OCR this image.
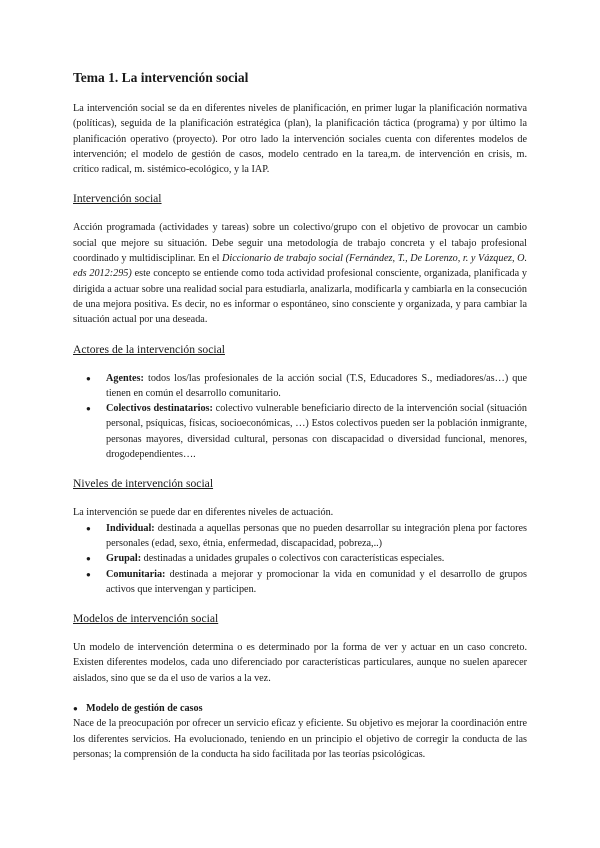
Tema 1. La intervención social

La intervención social se da en diferentes niveles de planificación, en primer lugar la planificación normativa (políticas), seguida de la planificación estratégica (plan), la planificación táctica (programa) y por último la planificación operativo (proyecto). Por otro lado la intervención sociales cuenta con diferentes modelos de intervención; el modelo de gestión de casos, modelo centrado en la tarea,m. de intervención en crisis, m. crítico radical, m. sistémico-ecológico, y la IAP.

Intervención social

Acción programada (actividades y tareas) sobre un colectivo/grupo con el objetivo de provocar un cambio social que mejore su situación. Debe seguir una metodología de trabajo concreta y el tabajo profesional coordinado y multidisciplinar. En el Diccionario de trabajo social (Fernández, T., De Lorenzo, r. y Vázquez, O. eds 2012:295) este concepto se entiende como toda actividad profesional consciente, organizada, planificada y dirigida a actuar sobre una realidad social para estudiarla, analizarla, modificarla y cambiarla en la consecución de una mejora positiva. Es decir, no es informar o espontáneo, sino consciente y organizada, y para cambiar la situación actual por una deseada.

Actores de la intervención social
● Agentes: todos los/las profesionales de la acción social (T.S, Educadores S., mediadores/as…) que tienen en común el desarrollo comunitario.
● Colectivos destinatarios: colectivo vulnerable beneficiario directo de la intervención social (situación personal, psíquicas, físicas, socioeconómicas, …) Estos colectivos pueden ser la población inmigrante, personas mayores, diversidad cultural, personas con discapacidad o diversidad funcional, menores, drogodependientes….
Niveles de intervención social

La intervención se puede dar en diferentes niveles de actuación.

● Individual: destinada a aquellas personas que no pueden desarrollar su integración plena por factores personales (edad, sexo, étnia, enfermedad, discapacidad, pobreza,..)
● Grupal: destinadas a unidades grupales o colectivos con características especiales.
● Comunitaria: destinada a mejorar y promocionar la vida en comunidad y el desarrollo de grupos activos que intervengan y participen.
Modelos de intervención social

Un modelo de intervención determina o es determinado por la forma de ver y actuar en un caso concreto. Existen diferentes modelos, cada uno diferenciado por características particulares, aunque no suelen aparecer aislados, sino que se da el uso de varios a la vez.

● Modelo de gestión de casos

Nace de la preocupación por ofrecer un servicio eficaz y eficiente. Su objetivo es mejorar la coordinación entre los diferentes servicios. Ha evolucionado, teniendo en un principio el objetivo de corregir la conducta de las personas; la comprensión de la conducta ha sido facilitada por las teorías psicológicas.
